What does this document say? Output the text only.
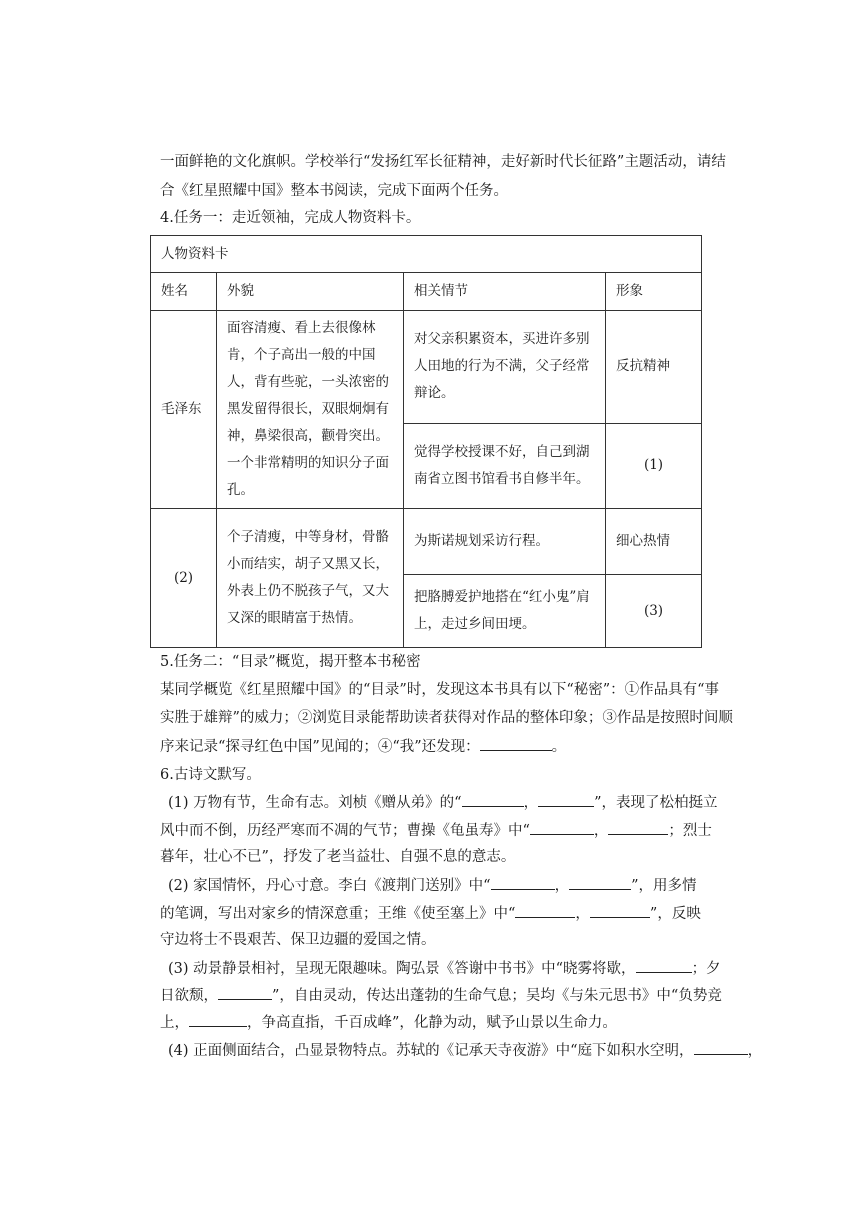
一面鲜艳的文化旗帜。学校举行“发扬红军长征精神，走好新时代长征路”主题活动，请结
合《红星照耀中国》整本书阅读，完成下面两个任务。
4.任务一：走近领袖，完成人物资料卡。
人物资料卡			
姓名	外貌	相关情节	形象
毛泽东	面容清瘦、看上去很像林肯，个子高出一般的中国人，背有些驼，一头浓密的黑发留得很长，双眼炯炯有神，鼻梁很高，颧骨突出。一个非常精明的知识分子面孔。	对父亲积累资本，买进许多别人田地的行为不满，父子经常辩论。	反抗精神
		觉得学校授课不好，自己到湖南省立图书馆看书自修半年。	(1)
(2)	个子清瘦，中等身材，骨骼小而结实，胡子又黑又长，外表上仍不脱孩子气，又大又深的眼睛富于热情。	为斯诺规划采访行程。	细心热情
		把胳膊爱护地搭在“红小鬼”肩上，走过乡间田埂。	(3)
5.任务二：“目录”概览，揭开整本书秘密
某同学概览《红星照耀中国》的“目录”时，发现这本书具有以下“秘密”：①作品具有“事
实胜于雄辩”的威力；②浏览目录能帮助读者获得对作品的整体印象；③作品是按照时间顺
序来记录“探寻红色中国”见闻的；④“我”还发现：	。
6.古诗文默写。
(1) 万物有节，生命有志。刘桢《赠从弟》的“	，	”，表现了松柏挺立
风中而不倒，历经严寒而不凋的气节；曹操《龟虽寿》中“	，	；烈士
暮年，壮心不已”，抒发了老当益壮、自强不息的意志。
(2) 家国情怀，丹心寸意。李白《渡荆门送别》中“	，	”，用多情
的笔调，写出对家乡的情深意重；王维《使至塞上》中“	，	”，反映
守边将士不畏艰苦、保卫边疆的爱国之情。
(3) 动景静景相衬，呈现无限趣味。陶弘景《答谢中书书》中“晓雾将歇，	；夕
日欲颓，	”，自由灵动，传达出蓬勃的生命气息；吴均《与朱元思书》中“负势竞
上，	，争高直指，千百成峰”，化静为动，赋予山景以生命力。
(4) 正面侧面结合，凸显景物特点。苏轼的《记承天寺夜游》中“庭下如积水空明，	，
